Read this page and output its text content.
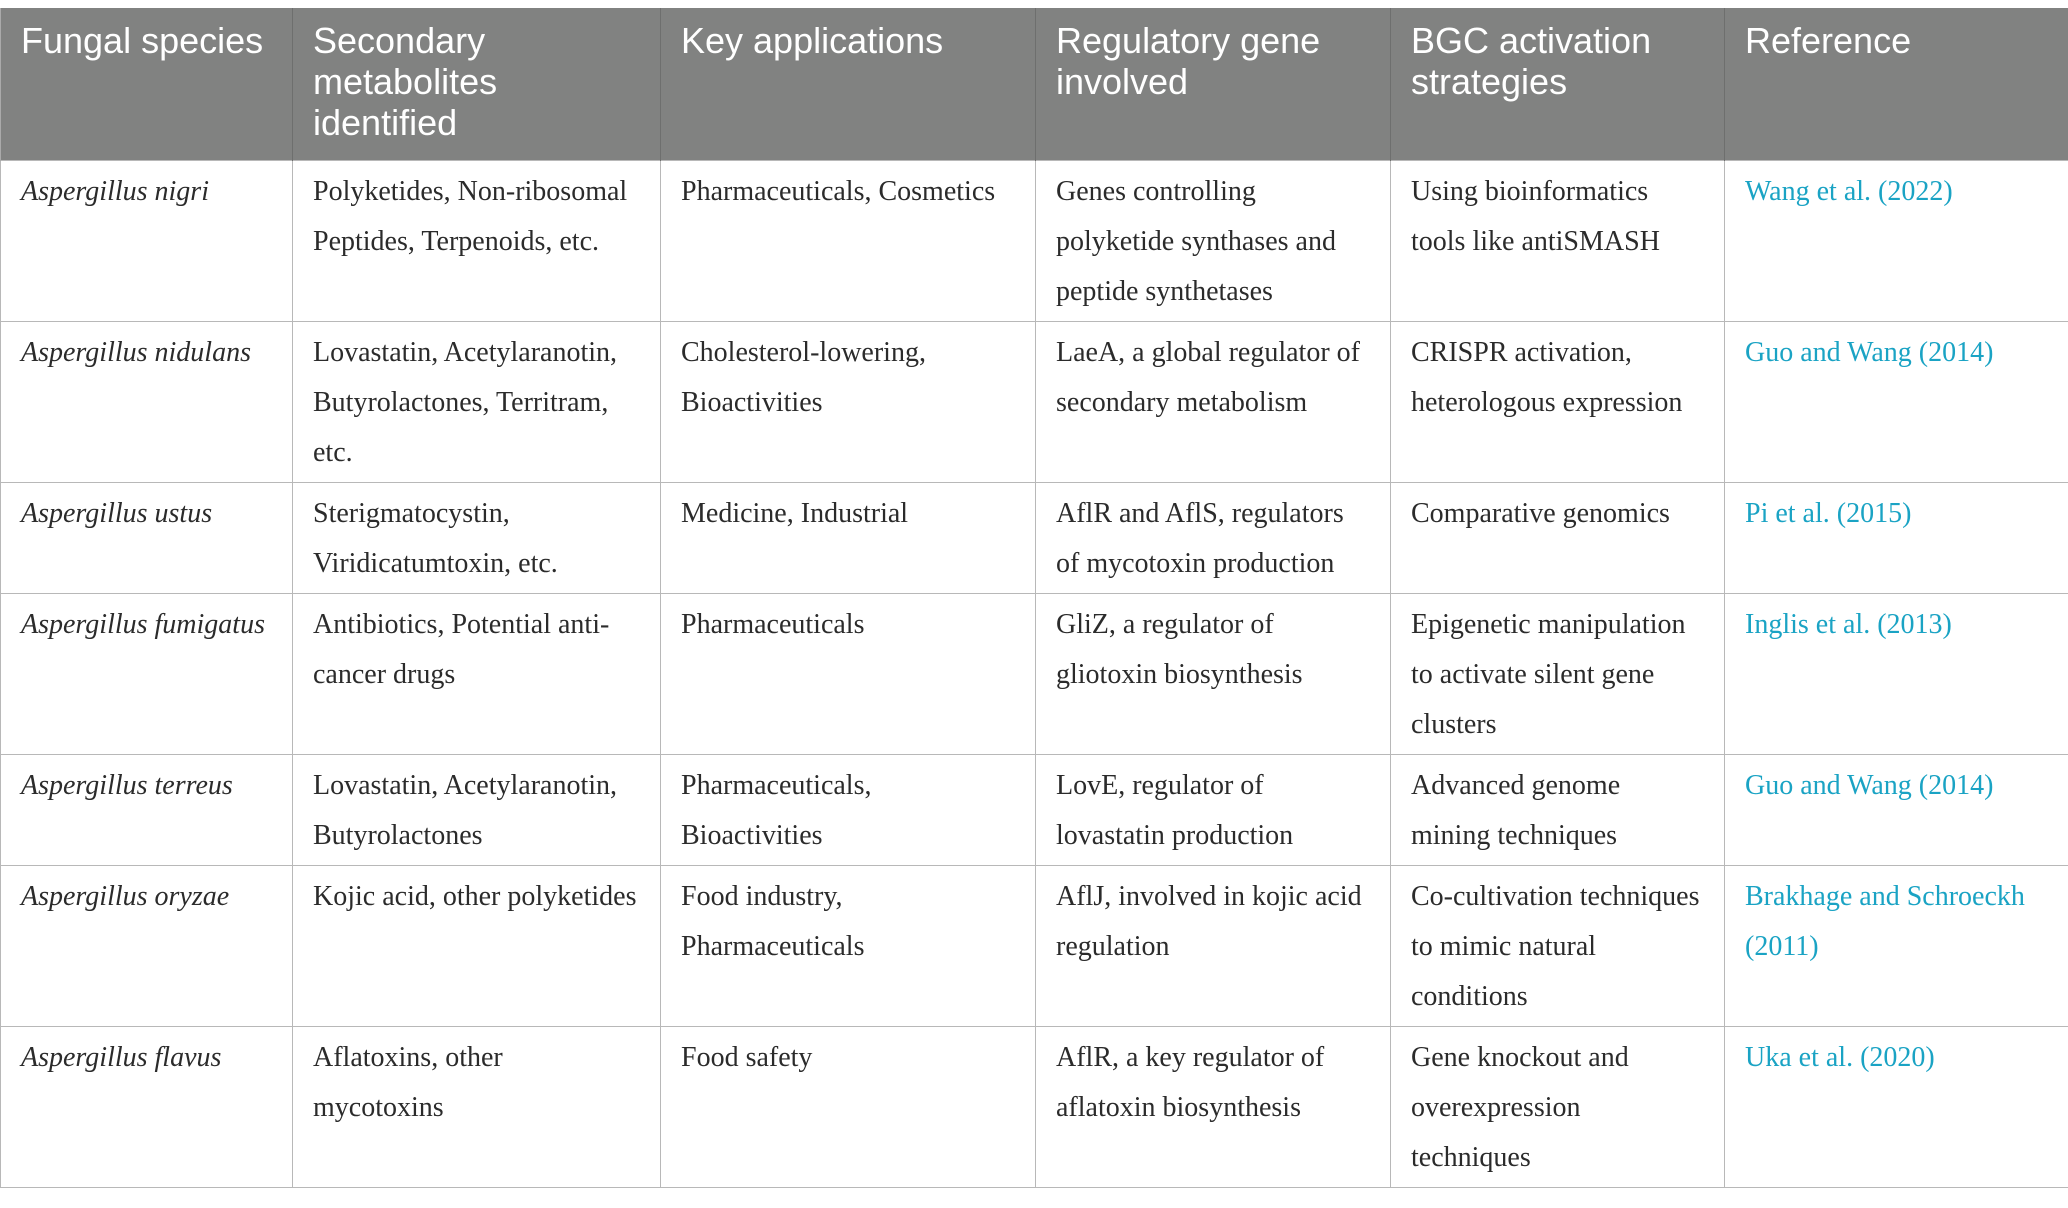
Fungal species	Secondary metabolites identified	Key applications	Regulatory gene involved	BGC activation strategies	Reference
Aspergillus nigri	Polyketides, Non-ribosomal Peptides, Terpenoids, etc.	Pharmaceuticals, Cosmetics	Genes controlling polyketide synthases and peptide synthetases	Using bioinformatics tools like antiSMASH	Wang et al. (2022)
Aspergillus nidulans	Lovastatin, Acetylaranotin, Butyrolactones, Territram, etc.	Cholesterol-lowering, Bioactivities	LaeA, a global regulator of secondary metabolism	CRISPR activation, heterologous expression	Guo and Wang (2014)
Aspergillus ustus	Sterigmatocystin, Viridicatumtoxin, etc.	Medicine, Industrial	AflR and AflS, regulators of mycotoxin production	Comparative genomics	Pi et al. (2015)
Aspergillus fumigatus	Antibiotics, Potential anti-cancer drugs	Pharmaceuticals	GliZ, a regulator of gliotoxin biosynthesis	Epigenetic manipulation to activate silent gene clusters	Inglis et al. (2013)
Aspergillus terreus	Lovastatin, Acetylaranotin, Butyrolactones	Pharmaceuticals, Bioactivities	LovE, regulator of lovastatin production	Advanced genome mining techniques	Guo and Wang (2014)
Aspergillus oryzae	Kojic acid, other polyketides	Food industry, Pharmaceuticals	AflJ, involved in kojic acid regulation	Co-cultivation techniques to mimic natural conditions	Brakhage and Schroeckh (2011)
Aspergillus flavus	Aflatoxins, other mycotoxins	Food safety	AflR, a key regulator of aflatoxin biosynthesis	Gene knockout and overexpression techniques	Uka et al. (2020)
